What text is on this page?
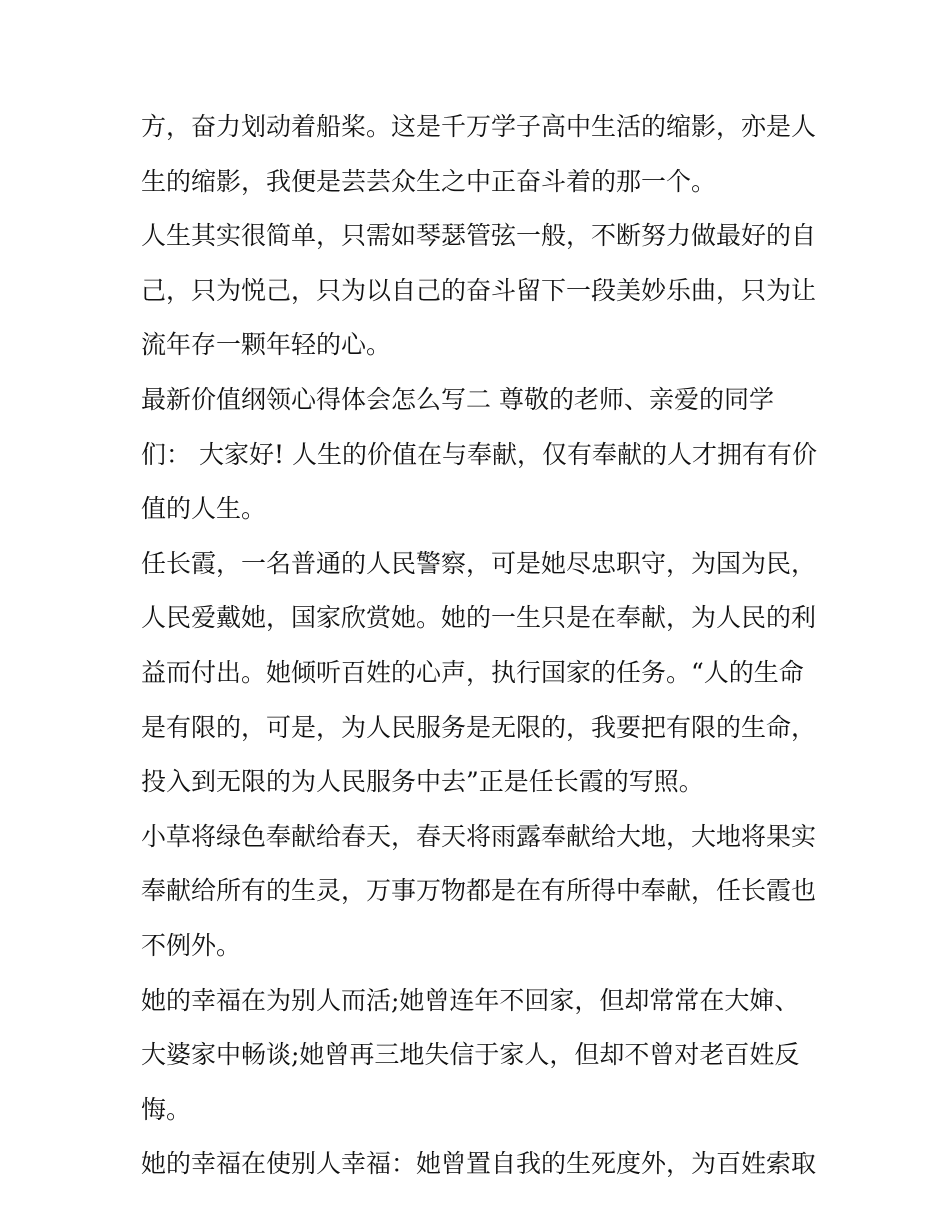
方，奋力划动着船桨。这是千万学子高中生活的缩影，亦是人
生的缩影，我便是芸芸众生之中正奋斗着的那一个。
人生其实很简单，只需如琴瑟管弦一般，不断努力做最好的自
己，只为悦己，只为以自己的奋斗留下一段美妙乐曲，只为让
流年存一颗年轻的心。
最新价值纲领心得体会怎么写二 尊敬的老师、亲爱的同学
们： 大家好! 人生的价值在与奉献，仅有奉献的人才拥有有价
值的人生。
任长霞，一名普通的人民警察，可是她尽忠职守，为国为民，
人民爱戴她，国家欣赏她。她的一生只是在奉献，为人民的利
益而付出。她倾听百姓的心声，执行国家的任务。“人的生命
是有限的，可是，为人民服务是无限的，我要把有限的生命，
投入到无限的为人民服务中去”正是任长霞的写照。
小草将绿色奉献给春天，春天将雨露奉献给大地，大地将果实
奉献给所有的生灵，万事万物都是在有所得中奉献，任长霞也
不例外。
她的幸福在为别人而活;她曾连年不回家，但却常常在大婶、
大婆家中畅谈;她曾再三地失信于家人，但却不曾对老百姓反
悔。
她的幸福在使别人幸福：她曾置自我的生死度外，为百姓索取
